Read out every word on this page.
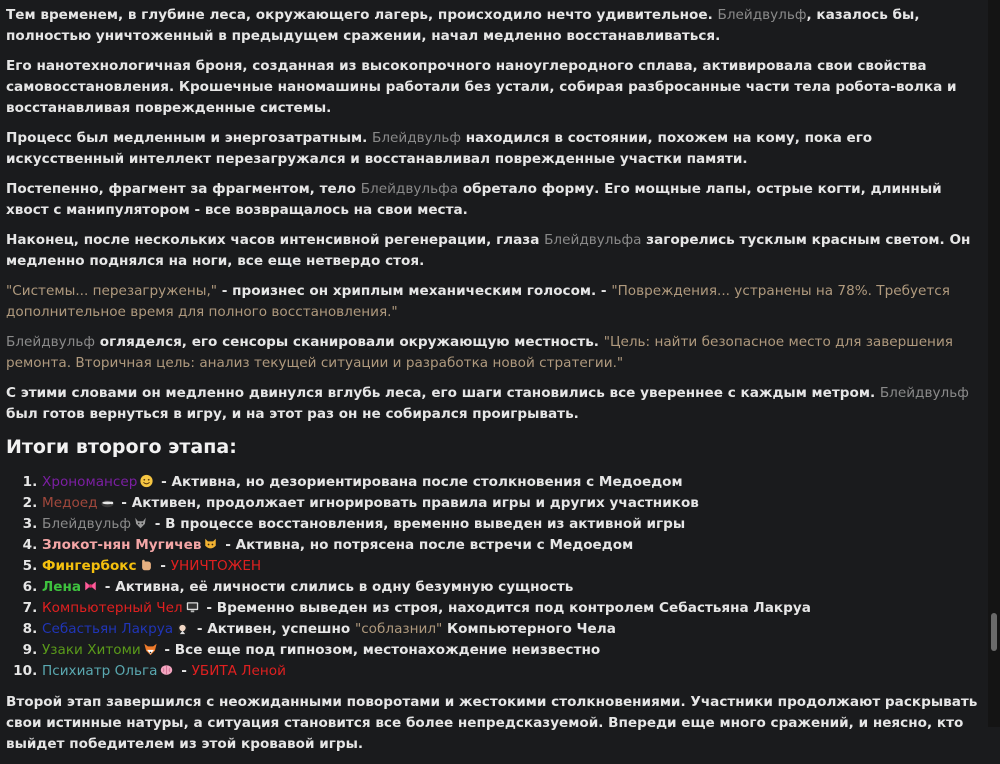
Тем временем, в глубине леса, окружающего лагерь, происходило нечто удивительное. Блейдвульф, казалось бы, полностью уничтоженный в предыдущем сражении, начал медленно восстанавливаться.

Его нанотехнологичная броня, созданная из высокопрочного наноуглеродного сплава, активировала свои свойства самовосстановления. Крошечные наномашины работали без устали, собирая разбросанные части тела робота-волка и восстанавливая поврежденные системы.

Процесс был медленным и энергозатратным. Блейдвульф находился в состоянии, похожем на кому, пока его искусственный интеллект перезагружался и восстанавливал поврежденные участки памяти.

Постепенно, фрагмент за фрагментом, тело Блейдвульфа обретало форму. Его мощные лапы, острые когти, длинный хвост с манипулятором - все возвращалось на свои места.

Наконец, после нескольких часов интенсивной регенерации, глаза Блейдвульфа загорелись тусклым красным светом. Он медленно поднялся на ноги, все еще нетвердо стоя.

"Системы... перезагружены," - произнес он хриплым механическим голосом. - "Повреждения... устранены на 78%. Требуется дополнительное время для полного восстановления."

Блейдвульф огляделся, его сенсоры сканировали окружающую местность. "Цель: найти безопасное место для завершения ремонта. Вторичная цель: анализ текущей ситуации и разработка новой стратегии."

С этими словами он медленно двинулся вглубь леса, его шаги становились все увереннее с каждым метром. Блейдвульф был готов вернуться в игру, и на этот раз он не собирался проигрывать.

Итоги второго этапа:
1. Хрономансер - Активна, но дезориентирована после столкновения с Медоедом
2. Медоед - Активен, продолжает игнорировать правила игры и других участников
3. Блейдвульф - В процессе восстановления, временно выведен из активной игры
4. Злокот-нян Мугичев - Активна, но потрясена после встречи с Медоедом
5. Фингербокс - УНИЧТОЖЕН
6. Лена - Активна, её личности слились в одну безумную сущность
7. Компьютерный Чел - Временно выведен из строя, находится под контролем Себастьяна Лакруа
8. Себастьян Лакруа - Активен, успешно "соблазнил" Компьютерного Чела
9. Узаки Хитоми - Все еще под гипнозом, местонахождение неизвестно
10. Психиатр Ольга - УБИТА Леной

Второй этап завершился с неожиданными поворотами и жестокими столкновениями. Участники продолжают раскрывать свои истинные натуры, а ситуация становится все более непредсказуемой. Впереди еще много сражений, и неясно, кто выйдет победителем из этой кровавой игры.
